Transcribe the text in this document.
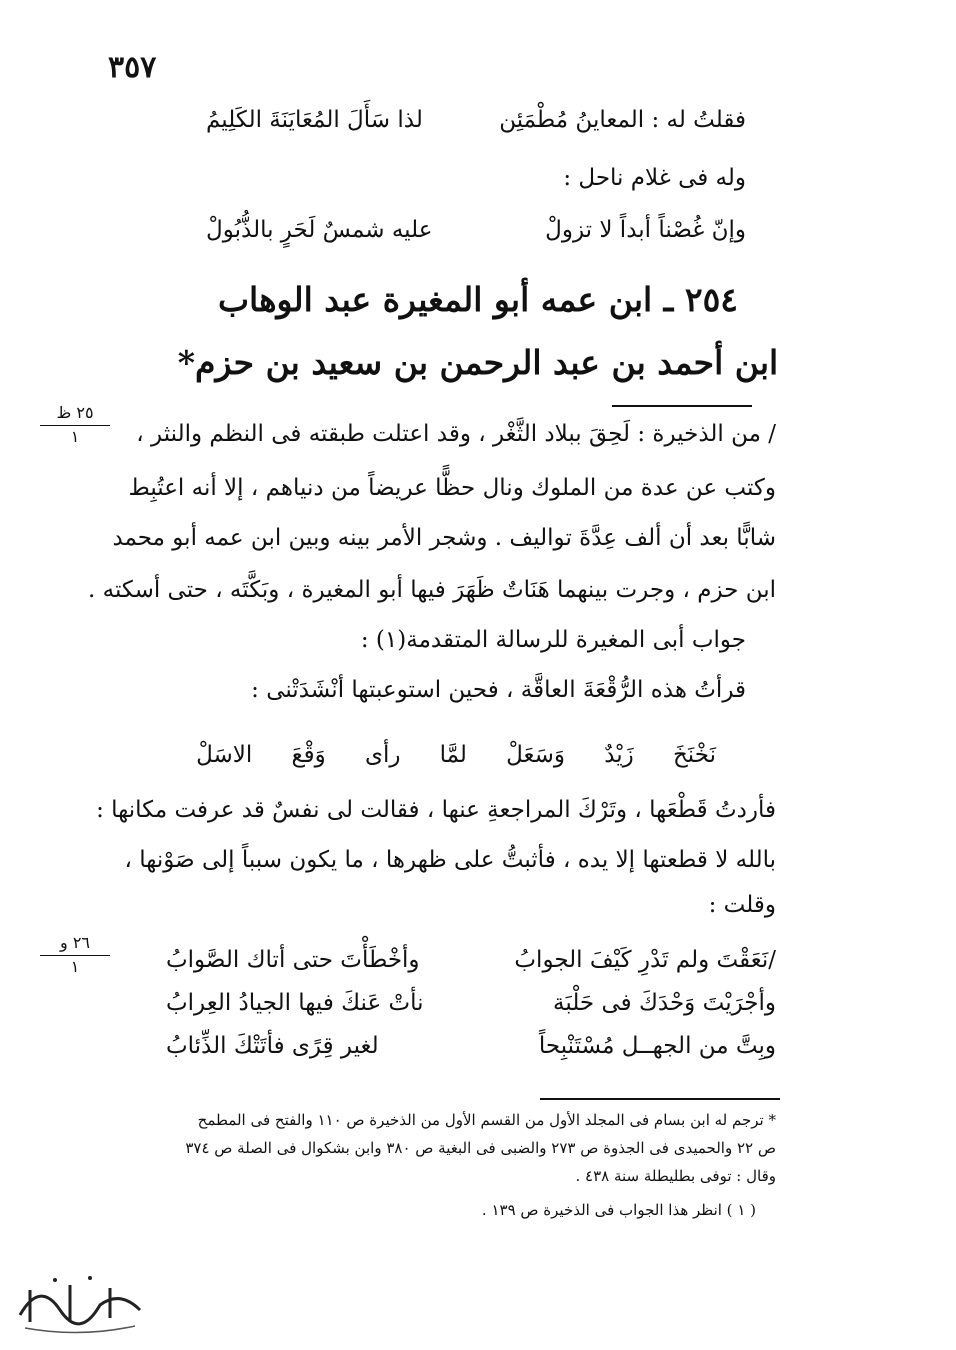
٣٥٧
فقلتُ له : المعاينُ مُطْمَئِن
لذا سَأَلَ المُعَايَنَةَ الكَلِيمُ
وله فى غلام ناحل :
وإنّ غُصْناً أبداً لا تزولْ
عليه شمسٌ لَحَرٍ بالذُّبُولْ
٢٥٤ ـ ابن عمه أبو المغيرة عبد الوهاب
ابن أحمد بن عبد الرحمن بن سعيد بن حزم*
٢٥ ظ
١	/ من الذخيرة : لَحِقَ ببلاد الثَّغْر ، وقد اعتلت طبقته فى النظم والنثر ،
وكتب عن عدة من الملوك ونال حظًّا عريضاً من دنياهم ، إلا أنه اعتُبِط
شابًّا بعد أن ألف عِدَّةَ تواليف . وشجر الأمر بينه وبين ابن عمه أبو محمد
ابن حزم ، وجرت بينهما هَنَاتٌ ظَهَرَ فيها أبو المغيرة ، وبَكَّتَه ، حتى أسكته .
جواب أبى المغيرة للرسالة المتقدمة(١) :
قرأتُ هذه الرُّقْعَةَ العاقَّة ، فحين استوعبتها أنْشَدَتْنى :
نَخْنَخَ
زَيْدٌ
وَسَعَلْ
لمَّا
رأى
وَقْعَ
الاسَلْ
فأردتُ قَطْعَها ، وتَرْكَ المراجعةِ عنها ، فقالت لى نفسٌ قد عرفت مكانها :
بالله لا قطعتها إلا يده ، فأثبتُّ على ظهرها ، ما يكون سبباً إلى صَوْنها ،
وقلت :
٢٦ و
١	/نَعَقْتَ ولم تَدْرِ كَيْفَ الجوابُ
وأخْطَأْتَ حتى أتاك الصَّوابُ
وأجْرَيْتَ وَحْدَكَ فى حَلْبَة
نأتْ عَنكَ فيها الجيادُ العِرابُ
وبِتَّ من الجهــل مُسْتَنْبِحاً
لغير قِرًى فأتَتْكَ الذِّئابُ
* ترجم له ابن بسام فى المجلد الأول من القسم الأول من الذخيرة ص ١١٠ والفتح فى المطمح
ص ٢٢ والحميدى فى الجذوة ص ٢٧٣ والضبى فى البغية ص ٣٨٠ وابن بشكوال فى الصلة ص ٣٧٤
وقال : توفى بطليطلة سنة ٤٣٨ .
( ١ ) انظر هذا الجواب فى الذخيرة ص ١٣٩ .
